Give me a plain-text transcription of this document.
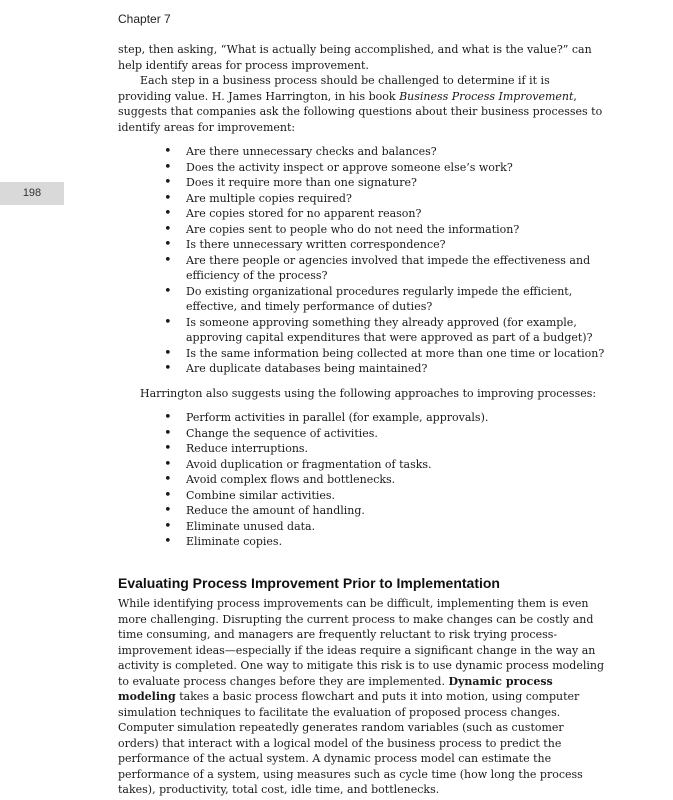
Chapter 7
198

step, then asking, “What is actually being accomplished, and what is the value?” can help identify areas for process improvement.

Each step in a business process should be challenged to determine if it is providing value. H. James Harrington, in his book Business Process Improvement, suggests that companies ask the following questions about their business processes to identify areas for improvement:

• Are there unnecessary checks and balances?
• Does the activity inspect or approve someone else’s work?
• Does it require more than one signature?
• Are multiple copies required?
• Are copies stored for no apparent reason?
• Are copies sent to people who do not need the information?
• Is there unnecessary written correspondence?
• Are there people or agencies involved that impede the effectiveness and efficiency of the process?
• Do existing organizational procedures regularly impede the efficient, effective, and timely performance of duties?
• Is someone approving something they already approved (for example, approving capital expenditures that were approved as part of a budget)?
• Is the same information being collected at more than one time or location?
• Are duplicate databases being maintained?

Harrington also suggests using the following approaches to improving processes:

• Perform activities in parallel (for example, approvals).
• Change the sequence of activities.
• Reduce interruptions.
• Avoid duplication or fragmentation of tasks.
• Avoid complex flows and bottlenecks.
• Combine similar activities.
• Reduce the amount of handling.
• Eliminate unused data.
• Eliminate copies.
Evaluating Process Improvement Prior to Implementation

While identifying process improvements can be difficult, implementing them is even more challenging. Disrupting the current process to make changes can be costly and time consuming, and managers are frequently reluctant to risk trying process-improvement ideas—especially if the ideas require a significant change in the way an activity is completed. One way to mitigate this risk is to use dynamic process modeling to evaluate process changes before they are implemented. Dynamic process modeling takes a basic process flowchart and puts it into motion, using computer simulation techniques to facilitate the evaluation of proposed process changes. Computer simulation repeatedly generates random variables (such as customer orders) that interact with a logical model of the business process to predict the performance of the actual system. A dynamic process model can estimate the performance of a system, using measures such as cycle time (how long the process takes), productivity, total cost, idle time, and bottlenecks.
